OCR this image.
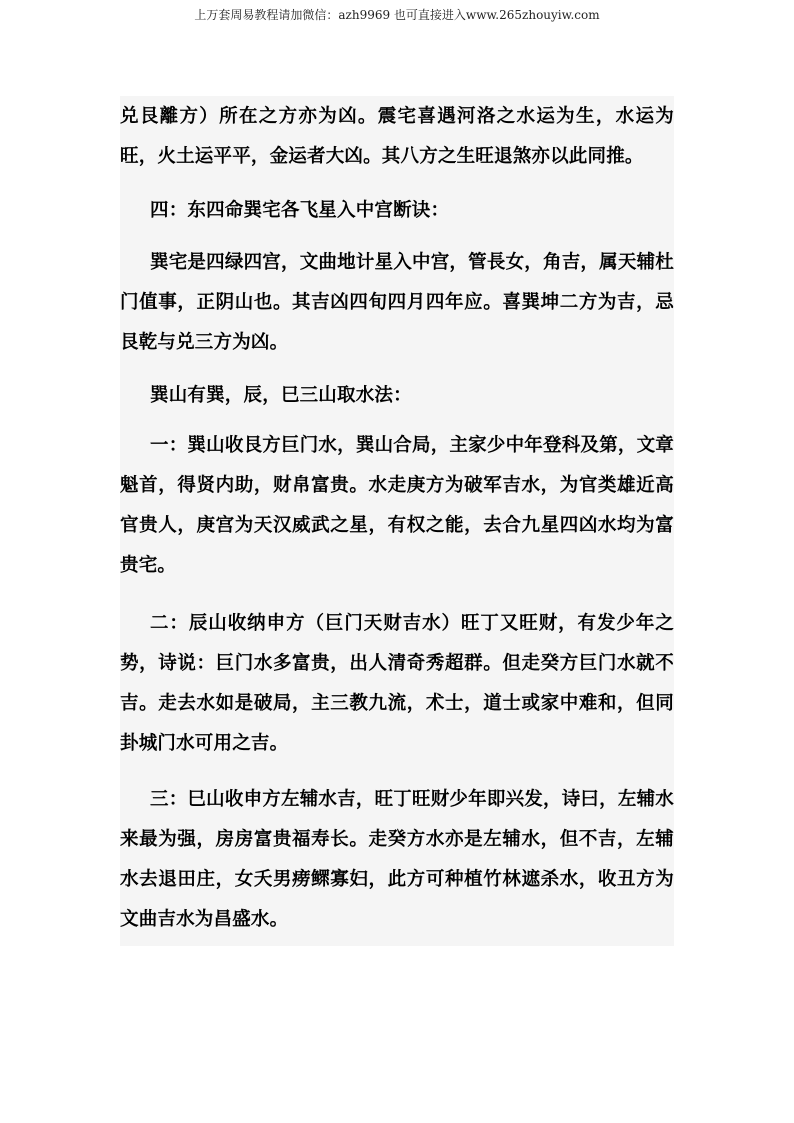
上万套周易教程请加微信：azh9969 也可直接进入www.265zhouyiw.com

兑艮離方）所在之方亦为凶。震宅喜遇河洛之水运为生，水运为旺，火土运平平，金运者大凶。其八方之生旺退煞亦以此同推。

四：东四命巽宅各飞星入中宫断诀：

巽宅是四绿四宫，文曲地计星入中宫，管長女，角吉，属天辅杜门值事，正阴山也。其吉凶四旬四月四年应。喜巽坤二方为吉，忌艮乾与兑三方为凶。

巽山有巽，辰，巳三山取水法：

一：巽山收艮方巨门水，巽山合局，主家少中年登科及第，文章魁首，得贤内助，财帛富贵。水走庚方为破军吉水，为官类雄近高官贵人，庚宫为天汉威武之星，有权之能，去合九星四凶水均为富贵宅。

二：辰山收纳申方（巨门天财吉水）旺丁又旺财，有发少年之势，诗说：巨门水多富贵，出人清奇秀超群。但走癸方巨门水就不吉。走去水如是破局，主三教九流，术士，道士或家中难和，但同卦城门水可用之吉。

三：巳山收申方左辅水吉，旺丁旺财少年即兴发，诗曰，左辅水来最为强，房房富贵福寿长。走癸方水亦是左辅水，但不吉，左辅水去退田庄，女夭男痨鳏寡妇，此方可种植竹林遮杀水，收丑方为文曲吉水为昌盛水。
